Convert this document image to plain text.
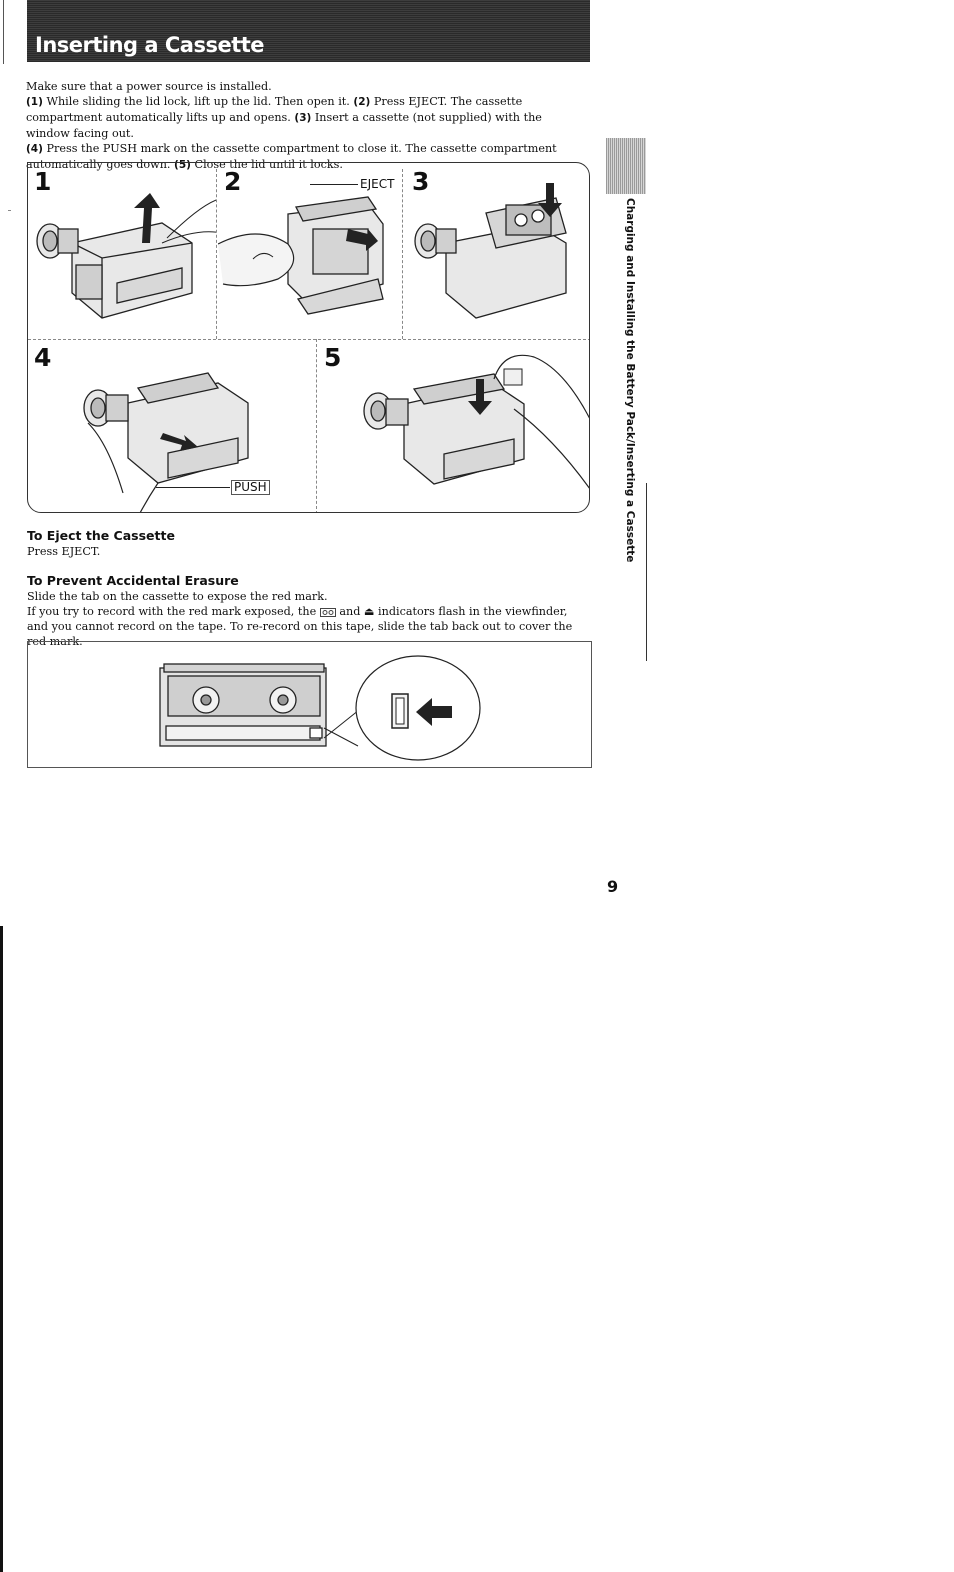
Inserting a Cassette

Make sure that a power source is installed.
(1) While sliding the lid lock, lift up the lid. Then open it. (2) Press EJECT. The cassette compartment automatically lifts up and opens. (3) Insert a cassette (not supplied) with the window facing out.
(4) Press the PUSH mark on the cassette compartment to close it. The cassette compartment automatically goes down. (5) Close the lid until it locks.

1	2	3
4	5
EJECT
PUSH
To Eject the Cassette

Press EJECT.

To Prevent Accidental Erasure

Slide the tab on the cassette to expose the red mark.
If you try to record with the red mark exposed, the  and ⏏ indicators flash in the viewfinder, and you cannot record on the tape. To re-record on this tape, slide the tab back out to cover the red mark.

Charging and Installing the Battery Pack/Inserting a Cassette
9
